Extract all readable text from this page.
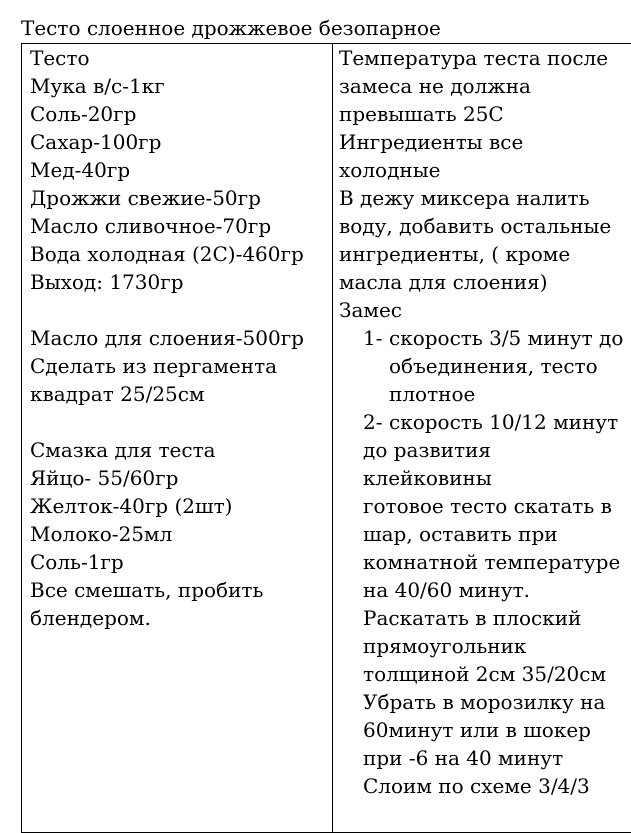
Тесто слоенное дрожжевое безопарное
Тесто
Мука в/с-1кг
Соль-20гр
Сахар-100гр
Мед-40гр
Дрожжи свежие-50гр
Масло сливочное-70гр
Вода холодная (2С)-460гр
Выход: 1730гр
Масло для слоения-500гр
Сделать из пергамента
квадрат 25/25см
Смазка для теста
Яйцо- 55/60гр
Желток-40гр (2шт)
Молоко-25мл
Соль-1гр
Все смешать, пробить
блендером.
Температура теста после
замеса не должна
превышать 25С
Ингредиенты все
холодные
В дежу миксера налить
воду, добавить остальные
ингредиенты, ( кроме
масла для слоения)
Замес
1- скорость 3/5 минут до
объединения, тесто
плотное
2- скорость 10/12 минут
до развития
клейковины
готовое тесто скатать в
шар, оставить при
комнатной температуре
на 40/60 минут.
Раскатать в плоский
прямоугольник
толщиной 2см 35/20см
Убрать в морозилку на
60минут или в шокер
при -6 на 40 минут
Слоим по схеме 3/4/3
